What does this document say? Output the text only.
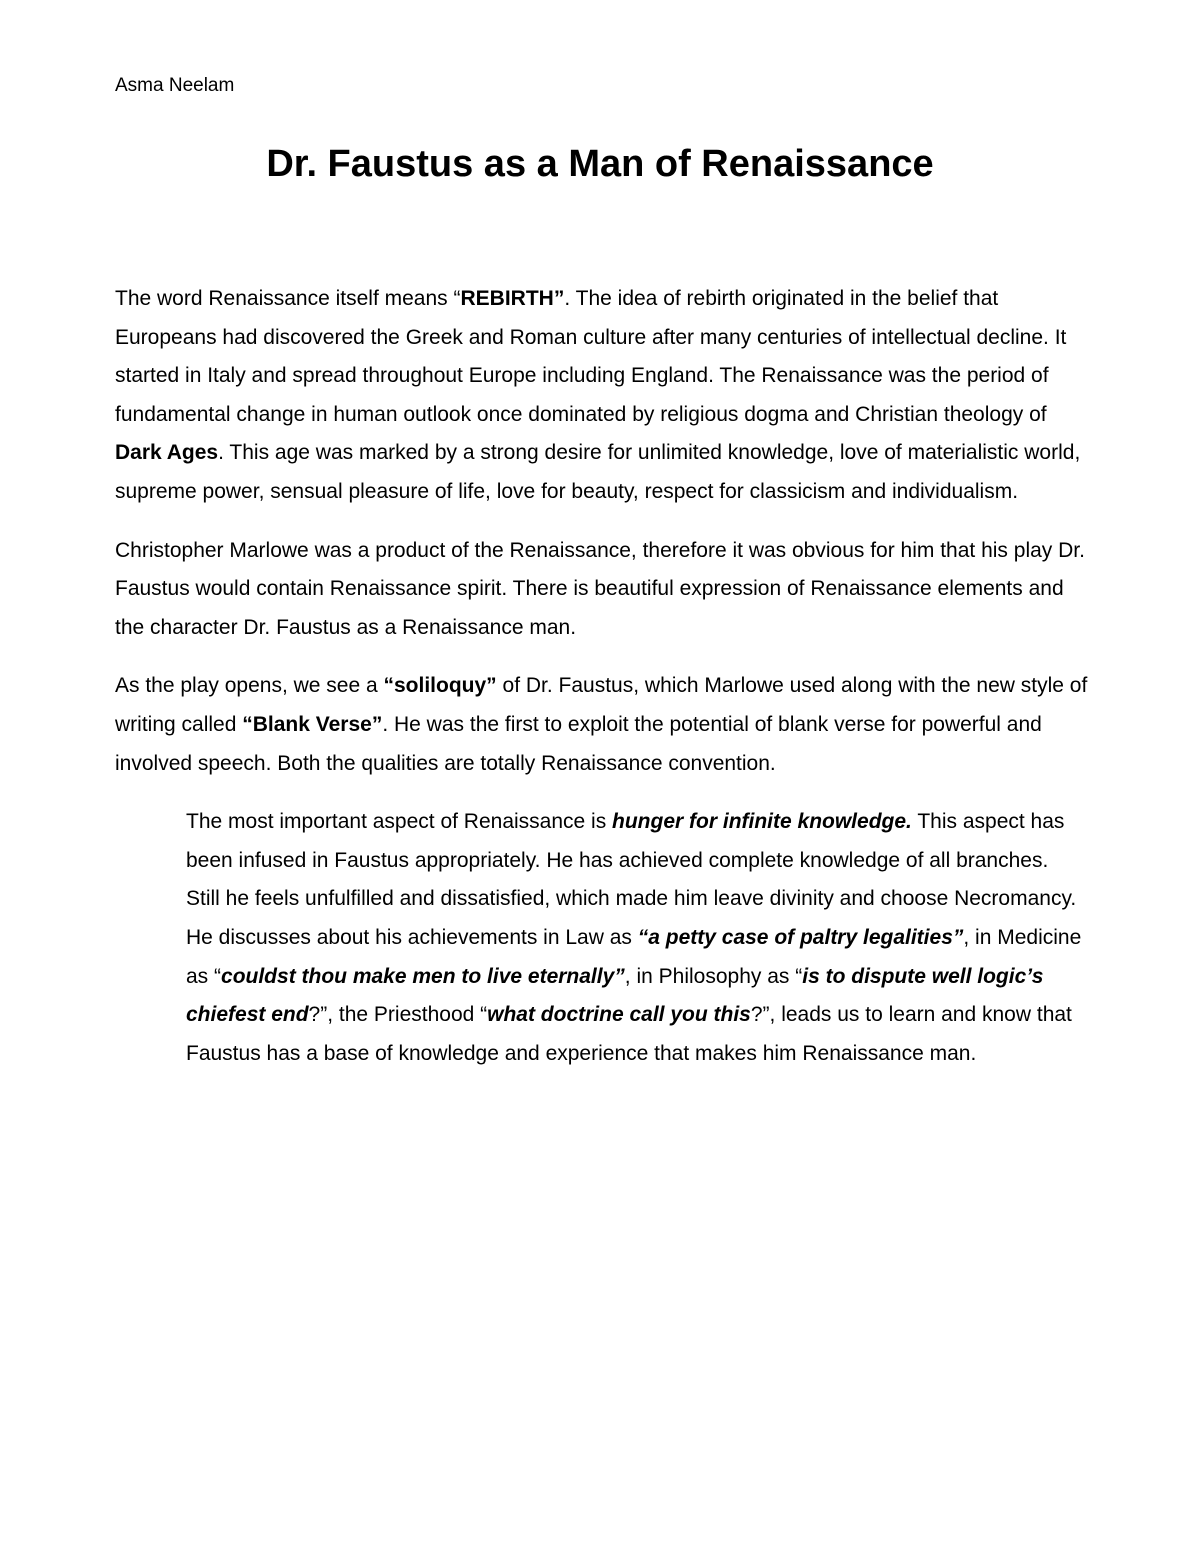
Asma Neelam
Dr. Faustus as a Man of Renaissance

The word Renaissance itself means “REBIRTH”. The idea of rebirth originated in the belief that Europeans had discovered the Greek and Roman culture after many centuries of intellectual decline. It started in Italy and spread throughout Europe including England. The Renaissance was the period of fundamental change in human outlook once dominated by religious dogma and Christian theology of Dark Ages. This age was marked by a strong desire for unlimited knowledge, love of materialistic world, supreme power, sensual pleasure of life, love for beauty, respect for classicism and individualism.

Christopher Marlowe was a product of the Renaissance, therefore it was obvious for him that his play Dr. Faustus would contain Renaissance spirit. There is beautiful expression of Renaissance elements and the character Dr. Faustus as a Renaissance man.

As the play opens, we see a “soliloquy” of Dr. Faustus, which Marlowe used along with the new style of writing called “Blank Verse”. He was the first to exploit the potential of blank verse for powerful and involved speech. Both the qualities are totally Renaissance convention.

The most important aspect of Renaissance is hunger for infinite knowledge. This aspect has been infused in Faustus appropriately. He has achieved complete knowledge of all branches. Still he feels unfulfilled and dissatisfied, which made him leave divinity and choose Necromancy. He discusses about his achievements in Law as “a petty case of paltry legalities”, in Medicine as “couldst thou make men to live eternally”, in Philosophy as “is to dispute well logic’s chiefest end?”, the Priesthood “what doctrine call you this?”, leads us to learn and know that Faustus has a base of knowledge and experience that makes him Renaissance man.
